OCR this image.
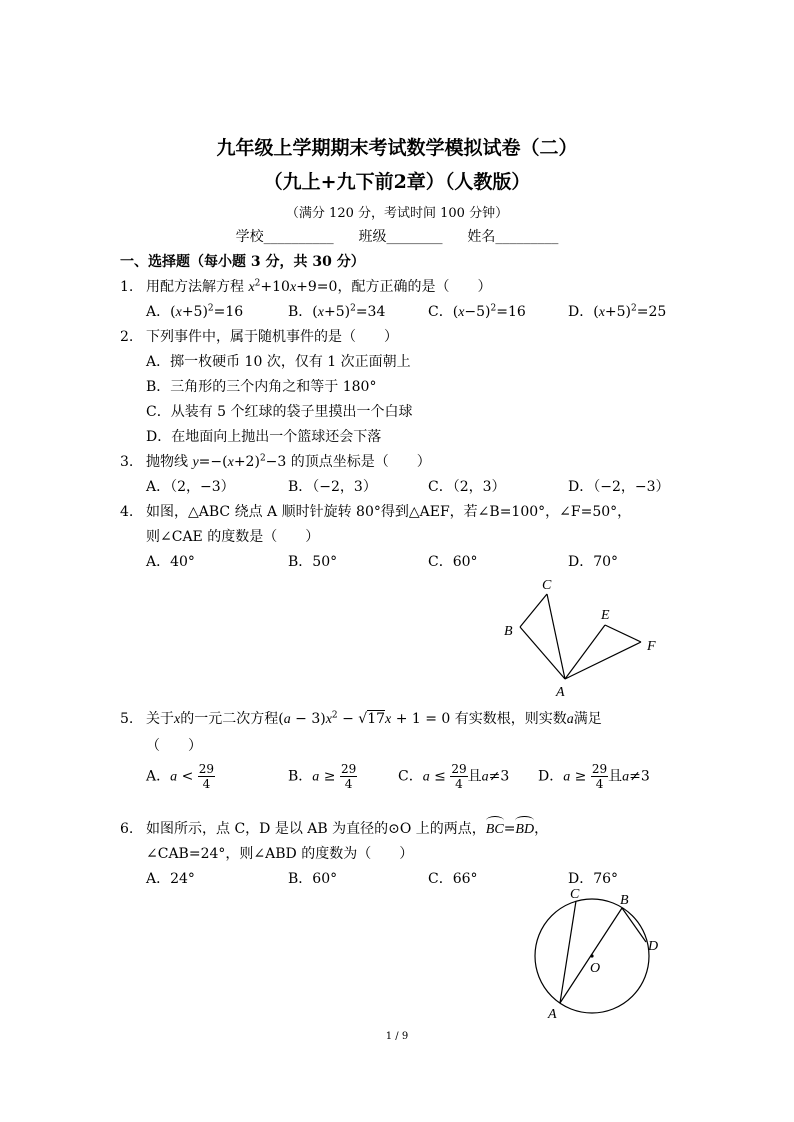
九年级上学期期末考试数学模拟试卷（二）
（九上+九下前2章）（人教版）
（满分 120 分，考试时间 100 分钟）
学校__________ 班级________ 姓名_________
一、选择题（每小题 3 分，共 30 分）
1. 用配方法解方程 $x^2+10x+9=0$，配方正确的是（　　）
A．$(x+5)^2=16$	B．$(x+5)^2=34$	C．$(x-5)^2=16$	D．$(x+5)^2=25$
2. 下列事件中，属于随机事件的是（　　）
A．掷一枚硬币 10 次，仅有 1 次正面朝上
B．三角形的三个内角之和等于 180°
C．从装有 5 个红球的袋子里摸出一个白球
D．在地面向上抛出一个篮球还会下落
3. 抛物线 $y=-(x+2)^2-3$ 的顶点坐标是（　　）
A．（2，−3）	B．（−2，3）	C．（2，3）	D．（−2，−3）
4. 如图，△ABC 绕点 A 顺时针旋转 80°得到△AEF，若∠B=100°，∠F=50°，
则∠CAE 的度数是（　　）
A．40°	B．50°	C．60°	D．70°
C
B
E
F
A
5. 关于x的一元二次方程$(a - 3)x^2 - √17x + 1 = 0$ 有实数根，则实数a满足
（　　）
A．$a < \frac{29}{4}$	B．$a \ge \frac{29}{4}$	C．$a \le \frac{29}{4}$ 且a≠3 D．$a \ge \frac{29}{4}$ 且a≠3
6. 如图所示，点 C，D 是以 AB 为直径的⊙O 上的两点，BC=BD，
∠CAB=24°，则∠ABD 的度数为（　　）
A．24°	B．60°	C．66°	D．76°
C	B
D
O
A
1 / 9
